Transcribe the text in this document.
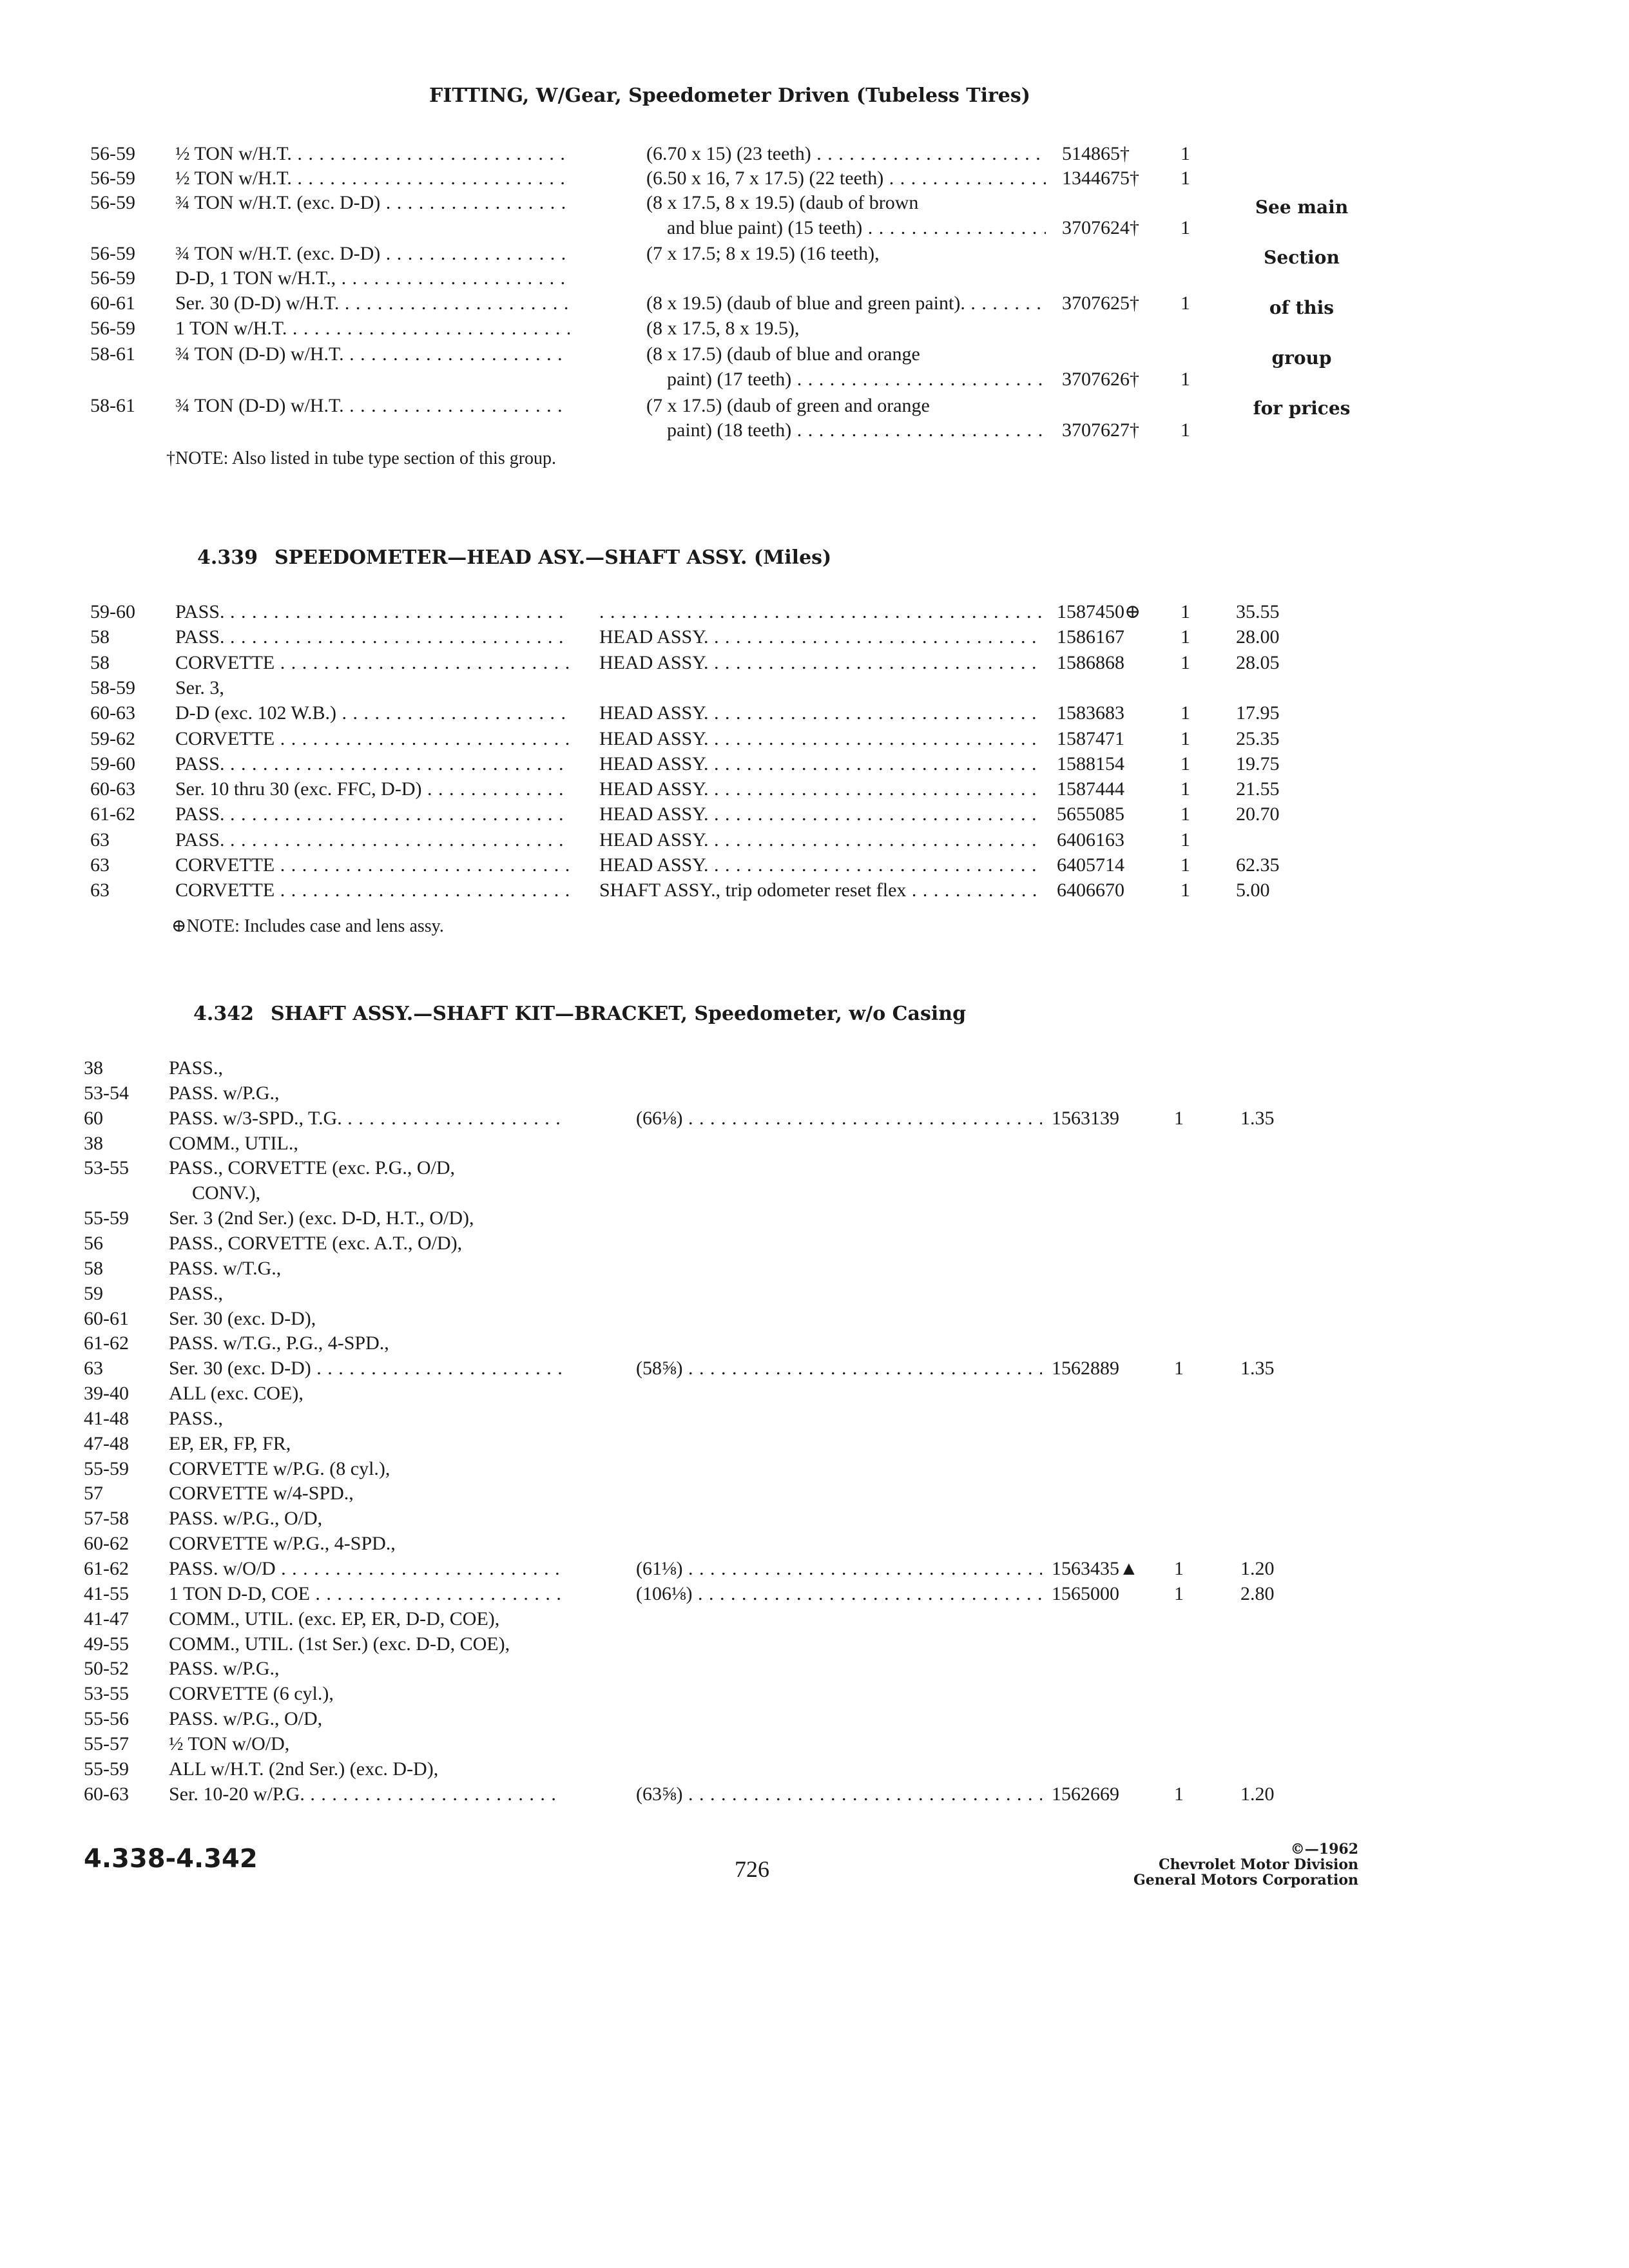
FITTING, W/Gear, Speedometer Driven (Tubeless Tires)
56-59 ½ TON w/H.T. . . .	(6.70 x 15) (23 teeth) . . .	514865†	1
56-59 ½ TON w/H.T. . . .	(6.50 x 16, 7 x 17.5) (22 teeth) . . .	1344675† 1
56-59 ¾ TON w/H.T. (exc. D-D) . . .	(8 x 17.5, 8 x 19.5) (daub of brown
and blue paint) (15 teeth) . . .	3707624† 1
56-59 ¾ TON w/H.T. (exc. D-D) . . .	(7 x 17.5; 8 x 19.5) (16 teeth),
56-59 D-D, 1 TON w/H.T., . . .
60-61 Ser. 30 (D-D) w/H.T. . . .	(8 x 19.5) (daub of blue and green paint). . . .	3707625† 1
56-59 1 TON w/H.T. . . .	(8 x 17.5, 8 x 19.5),
58-61 ¾ TON (D-D) w/H.T. . . .	(8 x 17.5) (daub of blue and orange
paint) (17 teeth) . . .	3707626† 1
58-61 ¾ TON (D-D) w/H.T. . . .	(7 x 17.5) (daub of green and orange
paint) (18 teeth) . . .	3707627† 1
†NOTE: Also listed in tube type section of this group.
See main
Section
of this
group
for prices
4.339 SPEEDOMETER—HEAD ASY.—SHAFT ASSY. (Miles)
59-60 PASS. . . .
. . .	1587450⊕ 1 35.55
58	PASS. . . .	HEAD ASSY. . . .	1586167	1 28.00
58	CORVETTE . . .	HEAD ASSY. . . .	1586868	1 28.05
58-59 Ser. 3,
60-63 D-D (exc. 102 W.B.) . . .	HEAD ASSY. . . .	1583683	1 17.95
59-62 CORVETTE . . .	HEAD ASSY. . . .	1587471	1 25.35
59-60 PASS. . . .	HEAD ASSY. . . .	1588154	1 19.75
60-63 Ser. 10 thru 30 (exc. FFC, D-D) . . .	HEAD ASSY. . . .	1587444	1 21.55
61-62 PASS. . . .	HEAD ASSY. . . .	5655085	1 20.70
63	PASS. . . .	HEAD ASSY. . . .	6406163	1
63	CORVETTE . . .	HEAD ASSY. . . .	6405714	1 62.35
63	CORVETTE . . .	SHAFT ASSY., trip odometer reset flex . . .	6406670	1 5.00
⊕NOTE: Includes case and lens assy.
4.342 SHAFT ASSY.—SHAFT KIT—BRACKET, Speedometer, w/o Casing
38	PASS.,
53-54 PASS. w/P.G.,
60	PASS. w/3-SPD., T.G. . . .	(66⅛) . . .	1563139	1	1.35
38	COMM., UTIL.,
53-55 PASS., CORVETTE (exc. P.G., O/D,
CONV.),
55-59 Ser. 3 (2nd Ser.) (exc. D-D, H.T., O/D),
56	PASS., CORVETTE (exc. A.T., O/D),
58	PASS. w/T.G.,
59	PASS.,
60-61 Ser. 30 (exc. D-D),
61-62 PASS. w/T.G., P.G., 4-SPD.,
63	Ser. 30 (exc. D-D) . . .	(58⅝) . . .	1562889	1	1.35
39-40 ALL (exc. COE),
41-48 PASS.,
47-48 EP, ER, FP, FR,
55-59 CORVETTE w/P.G. (8 cyl.),
57	CORVETTE w/4-SPD.,
57-58 PASS. w/P.G., O/D,
60-62 CORVETTE w/P.G., 4-SPD.,
61-62 PASS. w/O/D . . .	(61⅛) . . .	1563435▲ 1	1.20
41-55 1 TON D-D, COE . . .	(106⅛) . . .	1565000	1	2.80
41-47 COMM., UTIL. (exc. EP, ER, D-D, COE),
49-55 COMM., UTIL. (1st Ser.) (exc. D-D, COE),
50-52 PASS. w/P.G.,
53-55 CORVETTE (6 cyl.),
55-56 PASS. w/P.G., O/D,
55-57 ½ TON w/O/D,
55-59 ALL w/H.T. (2nd Ser.) (exc. D-D),
60-63 Ser. 10-20 w/P.G. . . .	(63⅝) . . .	1562669	1	1.20
4.338-4.342	726
©—1962
Chevrolet Motor Division
General Motors Corporation
